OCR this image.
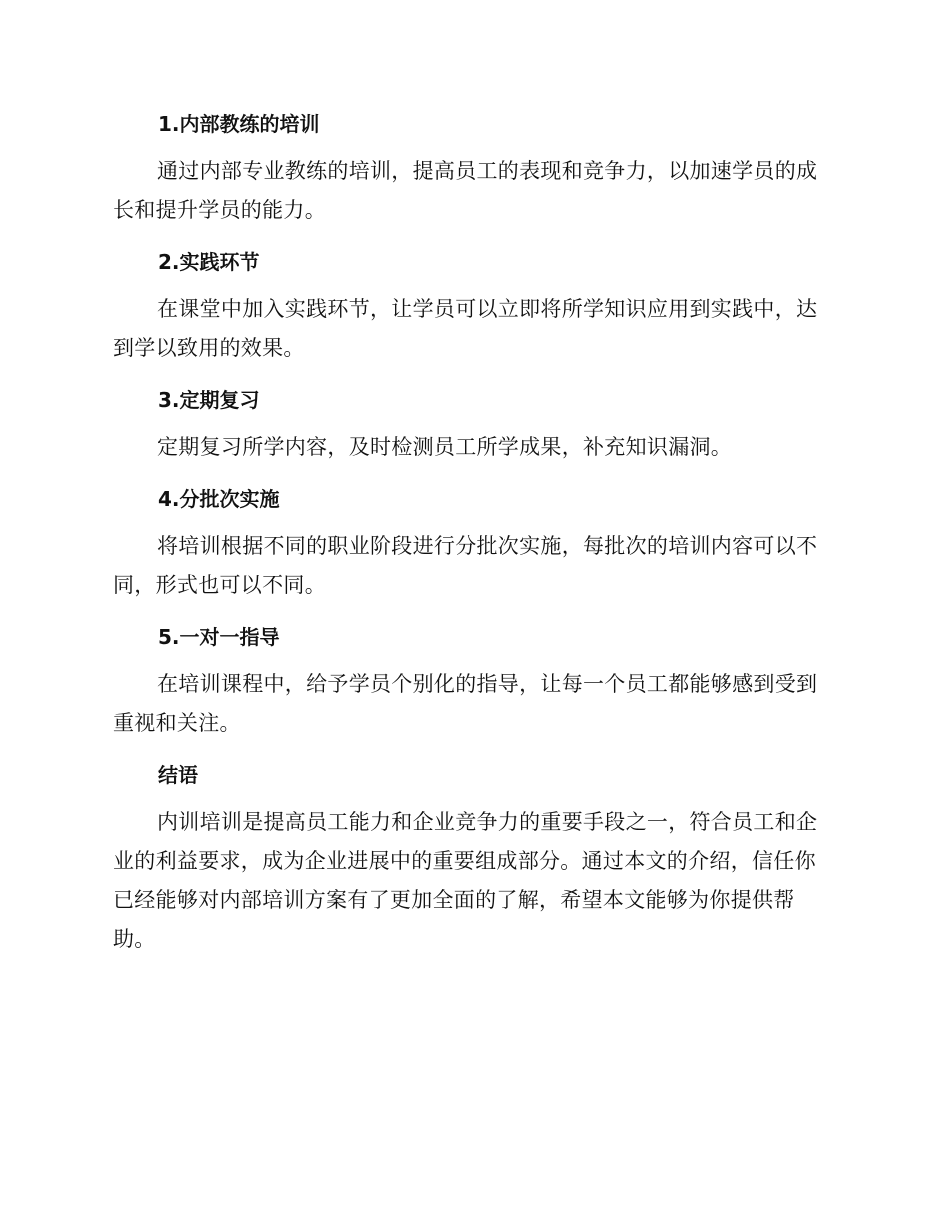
1.内部教练的培训

通过内部专业教练的培训，提高员工的表现和竞争力，以加速学员的成长和提升学员的能力。

2.实践环节

在课堂中加入实践环节，让学员可以立即将所学知识应用到实践中，达到学以致用的效果。

3.定期复习

定期复习所学内容，及时检测员工所学成果，补充知识漏洞。

4.分批次实施

将培训根据不同的职业阶段进行分批次实施，每批次的培训内容可以不同，形式也可以不同。

5.一对一指导

在培训课程中，给予学员个别化的指导，让每一个员工都能够感到受到重视和关注。

结语

内训培训是提高员工能力和企业竞争力的重要手段之一，符合员工和企业的利益要求，成为企业进展中的重要组成部分。通过本文的介绍，信任你已经能够对内部培训方案有了更加全面的了解，希望本文能够为你提供帮助。
